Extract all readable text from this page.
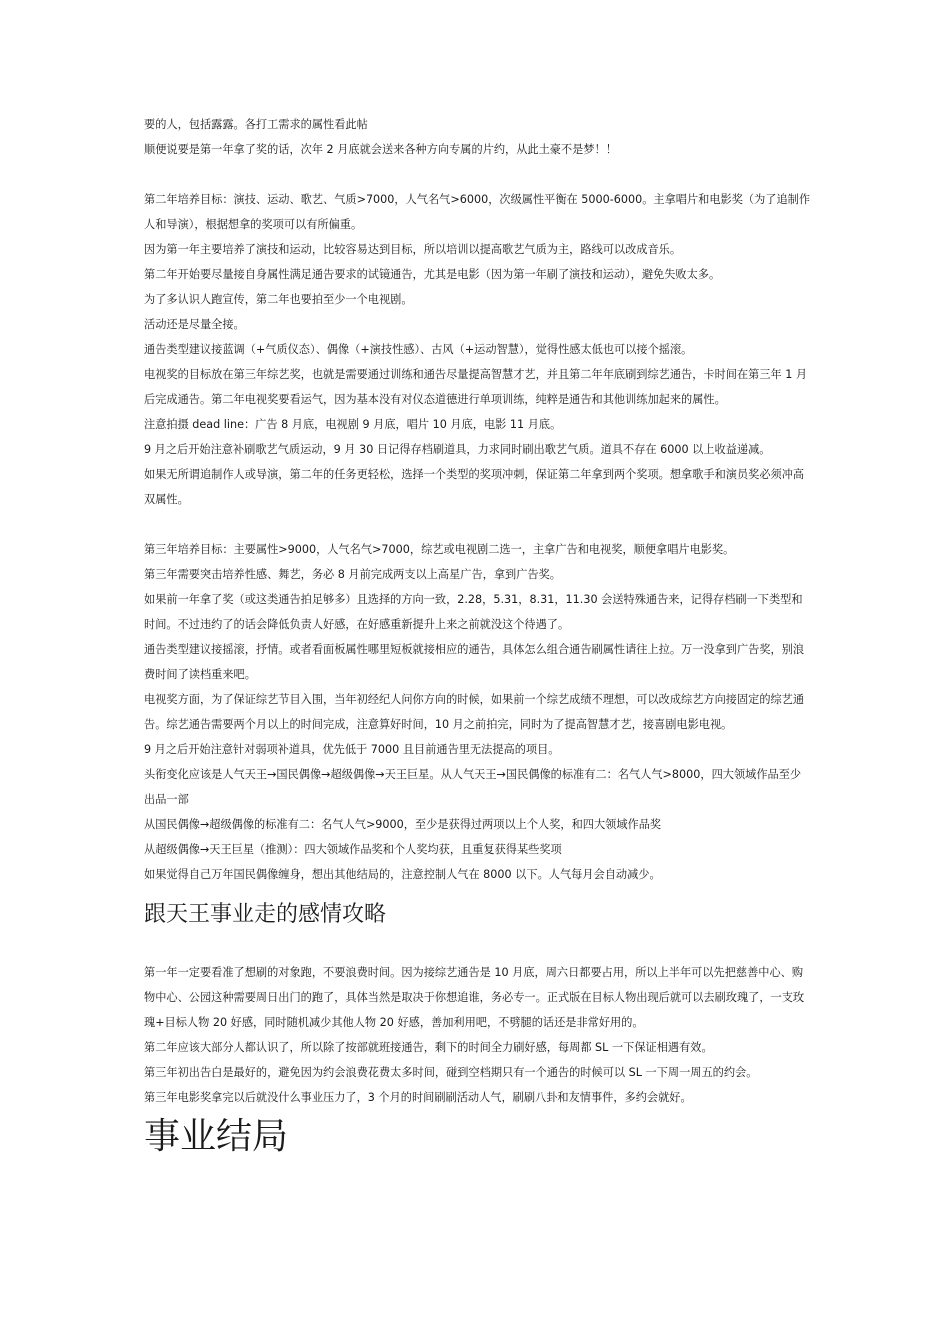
要的人，包括露露。各打工需求的属性看此帖

顺便说要是第一年拿了奖的话，次年 2 月底就会送来各种方向专属的片约，从此土豪不是梦！！

第二年培养目标：演技、运动、歌艺、气质>7000，人气名气>6000，次级属性平衡在 5000-6000。主拿唱片和电影奖（为了追制作人和导演），根据想拿的奖项可以有所偏重。

因为第一年主要培养了演技和运动，比较容易达到目标，所以培训以提高歌艺气质为主，路线可以改成音乐。

第二年开始要尽量接自身属性满足通告要求的试镜通告，尤其是电影（因为第一年刷了演技和运动），避免失败太多。

为了多认识人跑宣传，第二年也要拍至少一个电视剧。

活动还是尽量全接。

通告类型建议接蓝调（+气质仪态）、偶像（+演技性感）、古风（+运动智慧），觉得性感太低也可以接个摇滚。

电视奖的目标放在第三年综艺奖，也就是需要通过训练和通告尽量提高智慧才艺，并且第二年年底刷到综艺通告，卡时间在第三年 1 月后完成通告。第二年电视奖要看运气，因为基本没有对仪态道德进行单项训练，纯粹是通告和其他训练加起来的属性。

注意拍摄 dead line：广告 8 月底，电视剧 9 月底，唱片 10 月底，电影 11 月底。

9 月之后开始注意补刷歌艺气质运动，9 月 30 日记得存档刷道具，力求同时刷出歌艺气质。道具不存在 6000 以上收益递减。

如果无所谓追制作人或导演，第二年的任务更轻松，选择一个类型的奖项冲刺，保证第二年拿到两个奖项。想拿歌手和演员奖必须冲高双属性。

第三年培养目标：主要属性>9000，人气名气>7000，综艺或电视剧二选一，主拿广告和电视奖，顺便拿唱片电影奖。

第三年需要突击培养性感、舞艺，务必 8 月前完成两支以上高星广告，拿到广告奖。

如果前一年拿了奖（或这类通告拍足够多）且选择的方向一致，2.28，5.31，8.31，11.30 会送特殊通告来，记得存档刷一下类型和时间。不过违约了的话会降低负责人好感，在好感重新提升上来之前就没这个待遇了。

通告类型建议接摇滚，抒情。或者看面板属性哪里短板就接相应的通告，具体怎么组合通告刷属性请往上拉。万一没拿到广告奖，别浪费时间了读档重来吧。

电视奖方面，为了保证综艺节目入围，当年初经纪人问你方向的时候，如果前一个综艺成绩不理想，可以改成综艺方向接固定的综艺通告。综艺通告需要两个月以上的时间完成，注意算好时间，10 月之前拍完，同时为了提高智慧才艺，接喜剧电影电视。

9 月之后开始注意针对弱项补道具，优先低于 7000 且目前通告里无法提高的项目。

头衔变化应该是人气天王→国民偶像→超级偶像→天王巨星。从人气天王→国民偶像的标准有二：名气人气>8000，四大领域作品至少出品一部

从国民偶像→超级偶像的标准有二：名气人气>9000，至少是获得过两项以上个人奖，和四大领域作品奖

从超级偶像→天王巨星（推测）：四大领域作品奖和个人奖均获，且重复获得某些奖项

如果觉得自己万年国民偶像缠身，想出其他结局的，注意控制人气在 8000 以下。人气每月会自动减少。

跟天王事业走的感情攻略

第一年一定要看准了想刷的对象跑，不要浪费时间。因为接综艺通告是 10 月底，周六日都要占用，所以上半年可以先把慈善中心、购物中心、公园这种需要周日出门的跑了，具体当然是取决于你想追谁，务必专一。正式版在目标人物出现后就可以去刷玫瑰了，一支玫瑰+目标人物 20 好感，同时随机减少其他人物 20 好感，善加利用吧，不劈腿的话还是非常好用的。

第二年应该大部分人都认识了，所以除了按部就班接通告，剩下的时间全力刷好感，每周都 SL 一下保证相遇有效。

第三年初出告白是最好的，避免因为约会浪费花费太多时间，碰到空档期只有一个通告的时候可以 SL 一下周一周五的约会。

第三年电影奖拿完以后就没什么事业压力了，3 个月的时间刷刷活动人气，刷刷八卦和友情事件，多约会就好。

事业结局
